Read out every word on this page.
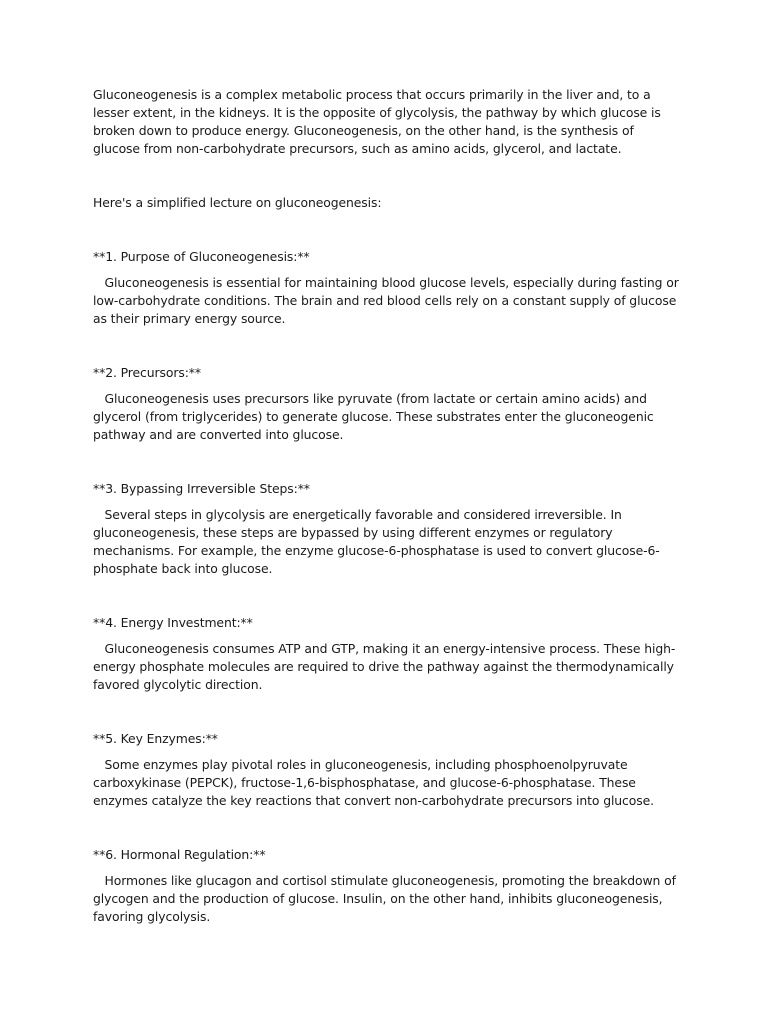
Gluconeogenesis is a complex metabolic process that occurs primarily in the liver and, to a lesser extent, in the kidneys. It is the opposite of glycolysis, the pathway by which glucose is broken down to produce energy. Gluconeogenesis, on the other hand, is the synthesis of glucose from non-carbohydrate precursors, such as amino acids, glycerol, and lactate.

Here's a simplified lecture on gluconeogenesis:

**1. Purpose of Gluconeogenesis:**

Gluconeogenesis is essential for maintaining blood glucose levels, especially during fasting or low-carbohydrate conditions. The brain and red blood cells rely on a constant supply of glucose as their primary energy source.

**2. Precursors:**

Gluconeogenesis uses precursors like pyruvate (from lactate or certain amino acids) and glycerol (from triglycerides) to generate glucose. These substrates enter the gluconeogenic pathway and are converted into glucose.

**3. Bypassing Irreversible Steps:**

Several steps in glycolysis are energetically favorable and considered irreversible. In gluconeogenesis, these steps are bypassed by using different enzymes or regulatory mechanisms. For example, the enzyme glucose-6-phosphatase is used to convert glucose-6-phosphate back into glucose.

**4. Energy Investment:**

Gluconeogenesis consumes ATP and GTP, making it an energy-intensive process. These high-energy phosphate molecules are required to drive the pathway against the thermodynamically favored glycolytic direction.

**5. Key Enzymes:**

Some enzymes play pivotal roles in gluconeogenesis, including phosphoenolpyruvate carboxykinase (PEPCK), fructose-1,6-bisphosphatase, and glucose-6-phosphatase. These enzymes catalyze the key reactions that convert non-carbohydrate precursors into glucose.

**6. Hormonal Regulation:**

Hormones like glucagon and cortisol stimulate gluconeogenesis, promoting the breakdown of glycogen and the production of glucose. Insulin, on the other hand, inhibits gluconeogenesis, favoring glycolysis.
